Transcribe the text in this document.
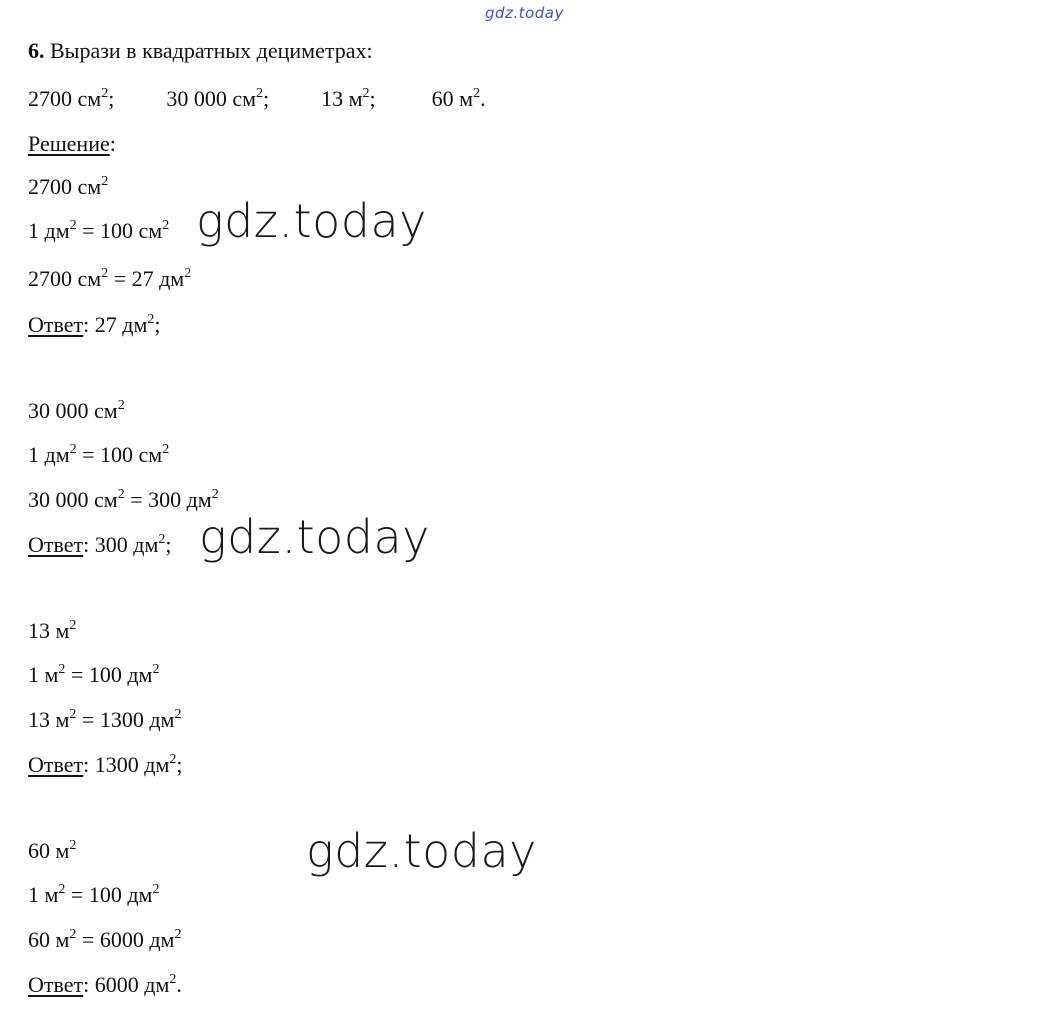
gdz.today
6. Вырази в квадратных дециметрах:
2700 $см^2$; 30 000 $см^2$; 13 $м^2$;	60 $м^2$.
Решение:
2700 $см^2$
1 $дм^2 = 100$ $см^2$
2700 $см^2 = 27$ $дм^2$
Ответ: 27 $дм^2$;
30 000 $см^2$
1 $дм^2 = 100$ $см^2$
30 000 $см^2 = 300$ $дм^2$
Ответ: 300 $дм^2$;
13 $м^2$
1 $м^2 = 100$ $дм^2$
13 $м^2 = 1300$ $дм^2$
Ответ: 1300 $дм^2$;
60 $м^2$
1 $м^2 = 100$ $дм^2$
60 $м^2 = 6000$ $дм^2$
Ответ: 6000 $дм^2$.
gdz.today
gdz.today
gdz.today
